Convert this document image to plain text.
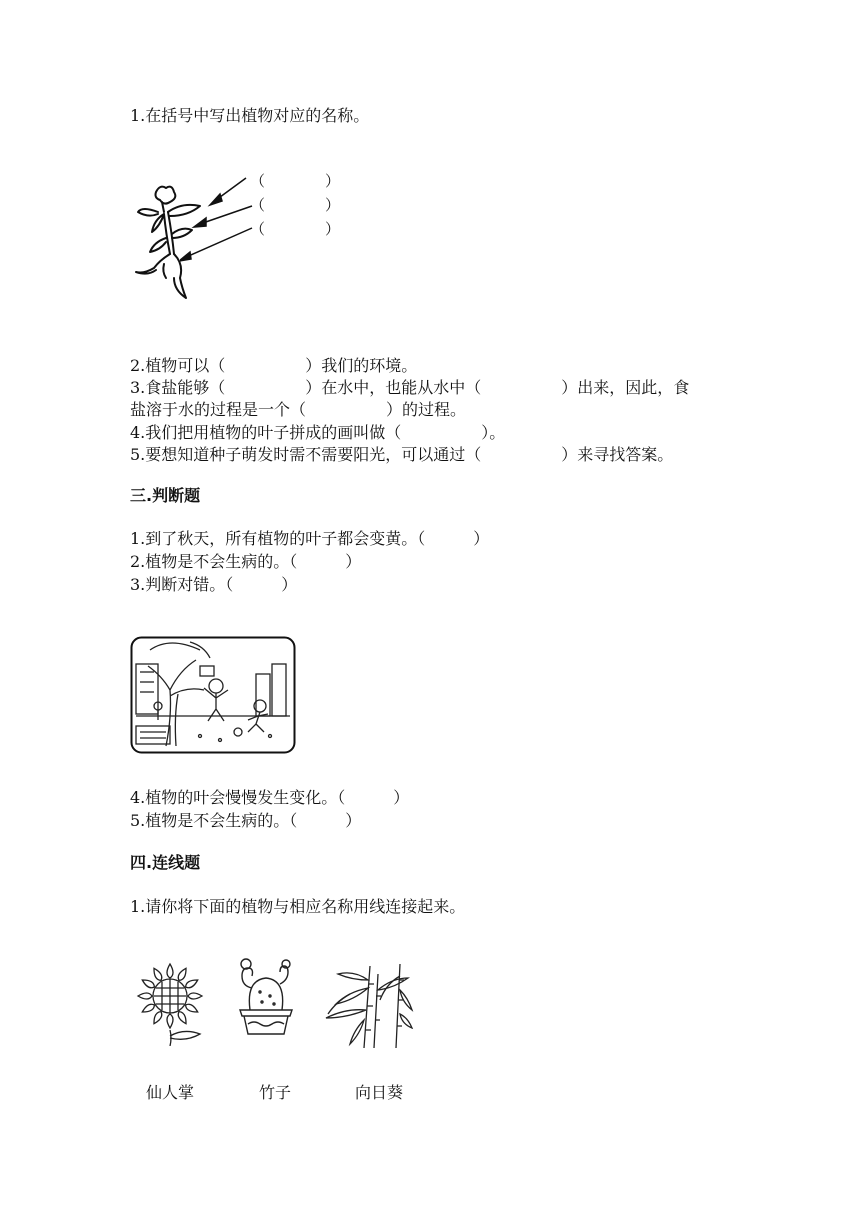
1.在括号中写出植物对应的名称。
（　　　　）
（　　　　）
（　　　　）
2.植物可以（　　　　　）我们的环境。
3.食盐能够（　　　　　）在水中，也能从水中（　　　　　）出来，因此，食
盐溶于水的过程是一个（　　　　　）的过程。
4.我们把用植物的叶子拼成的画叫做（　　　　　）。
5.要想知道种子萌发时需不需要阳光，可以通过（　　　　　）来寻找答案。
三.判断题
1.到了秋天，所有植物的叶子都会变黄。（　　　）
2.植物是不会生病的。（　　　）
3.判断对错。（　　　）
4.植物的叶会慢慢发生变化。（　　　）
5.植物是不会生病的。（　　　）
四.连线题
1.请你将下面的植物与相应名称用线连接起来。
仙人掌	竹子	向日葵
